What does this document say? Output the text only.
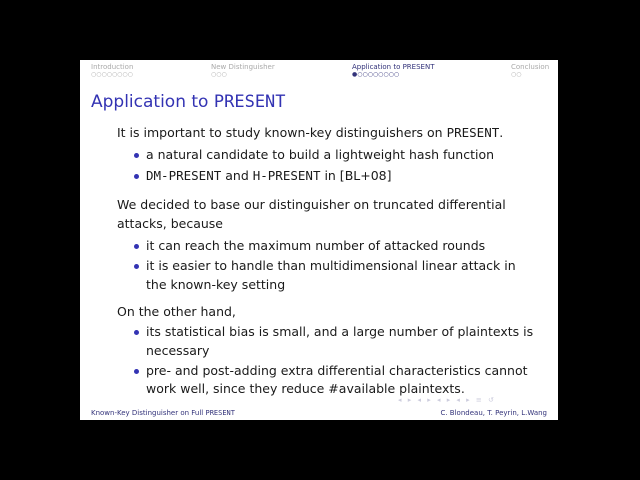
Introduction
○○○○○○○○
New Distinguisher
○○○
Application to PRESENT
●○○○○○○○○
Conclusion
○○
Application to PRESENT
It is important to study known-key distinguishers on PRESENT.
a natural candidate to build a lightweight hash function
DM-PRESENT and H-PRESENT in [BL+08]
We decided to base our distinguisher on truncated differential
attacks, because
it can reach the maximum number of attacked rounds
it is easier to handle than multidimensional linear attack in
the known-key setting
On the other hand,
its statistical bias is small, and a large number of plaintexts is
necessary
pre- and post-adding extra differential characteristics cannot
work well, since they reduce #available plaintexts.
◂ ▸ ◂ ▸ ◂ ▸ ◂ ▸ ≡ ↺
Known-Key Distinguisher on Full PRESENT	C. Blondeau, T. Peyrin, L.Wang
